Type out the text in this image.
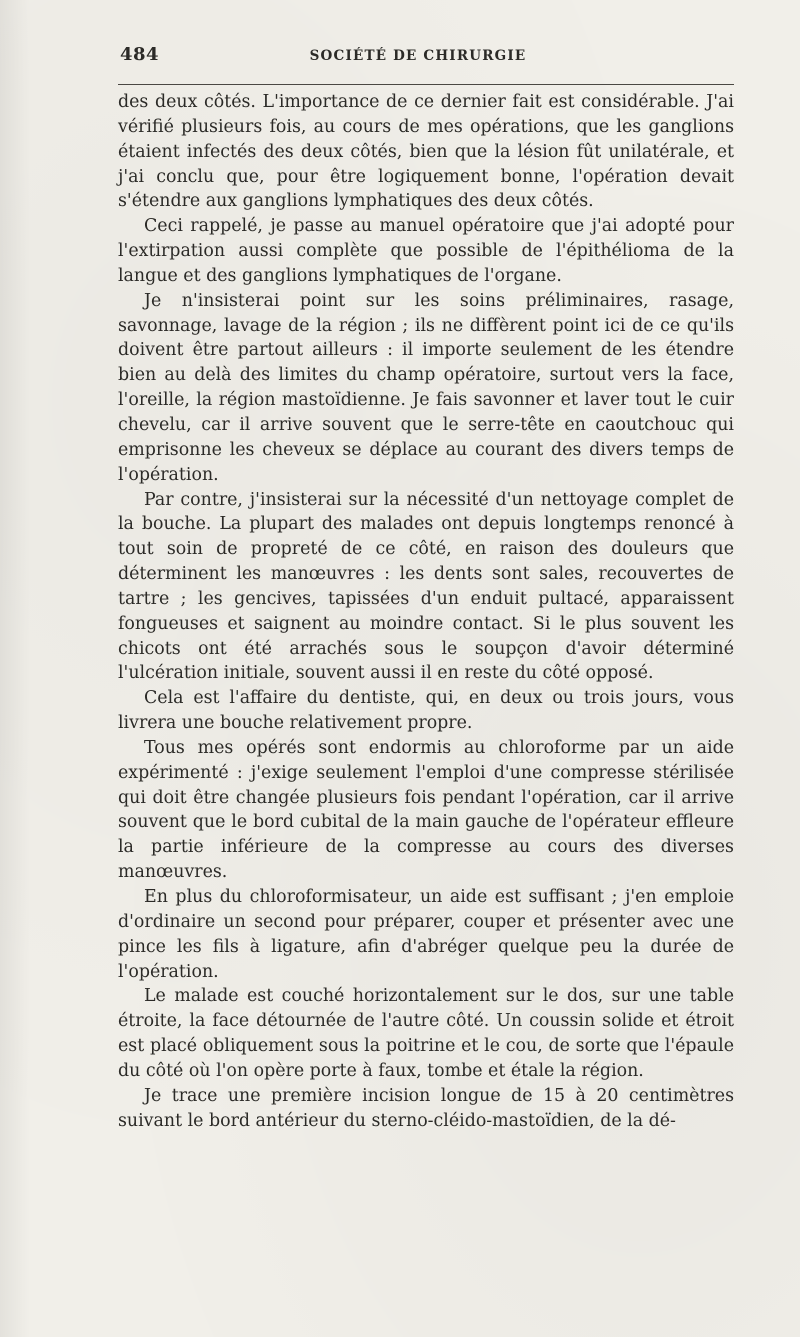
484	SOCIÉTÉ DE CHIRURGIE

des deux côtés. L'importance de ce dernier fait est considérable. J'ai vérifié plusieurs fois, au cours de mes opérations, que les ganglions étaient infectés des deux côtés, bien que la lésion fût unilatérale, et j'ai conclu que, pour être logiquement bonne, l'opération devait s'étendre aux ganglions lymphatiques des deux côtés.

Ceci rappelé, je passe au manuel opératoire que j'ai adopté pour l'extirpation aussi complète que possible de l'épithélioma de la langue et des ganglions lymphatiques de l'organe.

Je n'insisterai point sur les soins préliminaires, rasage, savonnage, lavage de la région ; ils ne diffèrent point ici de ce qu'ils doivent être partout ailleurs : il importe seulement de les étendre bien au delà des limites du champ opératoire, surtout vers la face, l'oreille, la région mastoïdienne. Je fais savonner et laver tout le cuir chevelu, car il arrive souvent que le serre-tête en caoutchouc qui emprisonne les cheveux se déplace au courant des divers temps de l'opération.

Par contre, j'insisterai sur la nécessité d'un nettoyage complet de la bouche. La plupart des malades ont depuis longtemps renoncé à tout soin de propreté de ce côté, en raison des douleurs que déterminent les manœuvres : les dents sont sales, recouvertes de tartre ; les gencives, tapissées d'un enduit pultacé, apparaissent fongueuses et saignent au moindre contact. Si le plus souvent les chicots ont été arrachés sous le soupçon d'avoir déterminé l'ulcération initiale, souvent aussi il en reste du côté opposé.

Cela est l'affaire du dentiste, qui, en deux ou trois jours, vous livrera une bouche relativement propre.

Tous mes opérés sont endormis au chloroforme par un aide expérimenté : j'exige seulement l'emploi d'une compresse stérilisée qui doit être changée plusieurs fois pendant l'opération, car il arrive souvent que le bord cubital de la main gauche de l'opérateur effleure la partie inférieure de la compresse au cours des diverses manœuvres.

En plus du chloroformisateur, un aide est suffisant ; j'en emploie d'ordinaire un second pour préparer, couper et présenter avec une pince les fils à ligature, afin d'abréger quelque peu la durée de l'opération.

Le malade est couché horizontalement sur le dos, sur une table étroite, la face détournée de l'autre côté. Un coussin solide et étroit est placé obliquement sous la poitrine et le cou, de sorte que l'épaule du côté où l'on opère porte à faux, tombe et étale la région.

Je trace une première incision longue de 15 à 20 centimètres suivant le bord antérieur du sterno-cléido-mastoïdien, de la dé-
